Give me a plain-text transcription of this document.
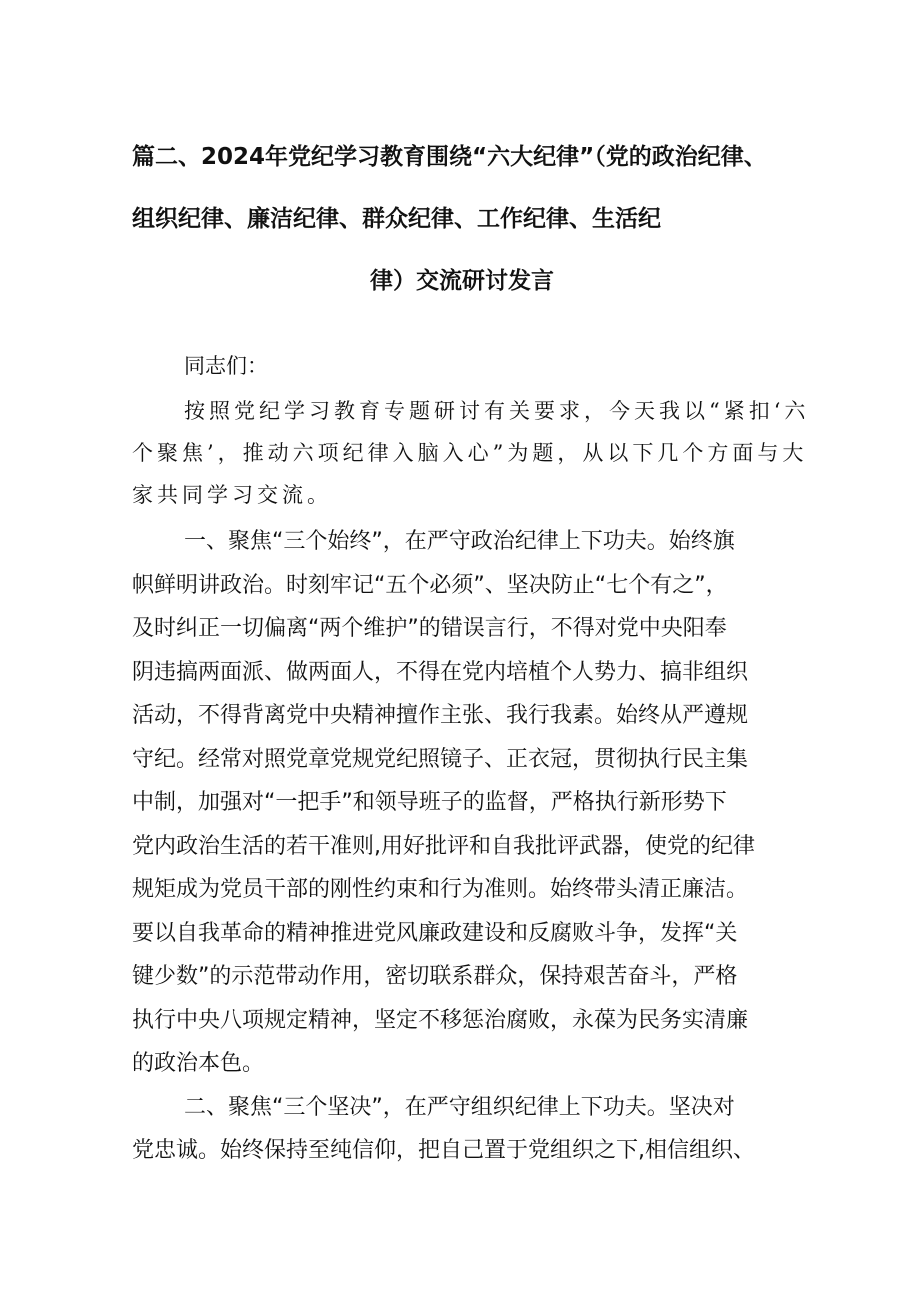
篇二、2024年党纪学习教育围绕“六大纪律”（党的政治纪律、
组织纪律、廉洁纪律、群众纪律、工作纪律、生活纪
律）交流研讨发言
同志们：
按照党纪学习教育专题研讨有关要求，今天我以“紧扣‘六
个聚焦’，推动六项纪律入脑入心”为题，从以下几个方面与大
家共同学习交流。
一、聚焦“三个始终”，在严守政治纪律上下功夫。始终旗
帜鲜明讲政治。时刻牢记“五个必须”、坚决防止“七个有之”，
及时纠正一切偏离“两个维护”的错误言行，不得对党中央阳奉
阴违搞两面派、做两面人，不得在党内培植个人势力、搞非组织
活动，不得背离党中央精神擅作主张、我行我素。始终从严遵规
守纪。经常对照党章党规党纪照镜子、正衣冠，贯彻执行民主集
中制，加强对“一把手”和领导班子的监督，严格执行新形势下
党内政治生活的若干准则,用好批评和自我批评武器，使党的纪律
规矩成为党员干部的刚性约束和行为准则。始终带头清正廉洁。
要以自我革命的精神推进党风廉政建设和反腐败斗争，发挥“关
键少数”的示范带动作用，密切联系群众，保持艰苦奋斗，严格
执行中央八项规定精神，坚定不移惩治腐败，永葆为民务实清廉
的政治本色。
二、聚焦“三个坚决”，在严守组织纪律上下功夫。坚决对
党忠诚。始终保持至纯信仰，把自己置于党组织之下,相信组织、
